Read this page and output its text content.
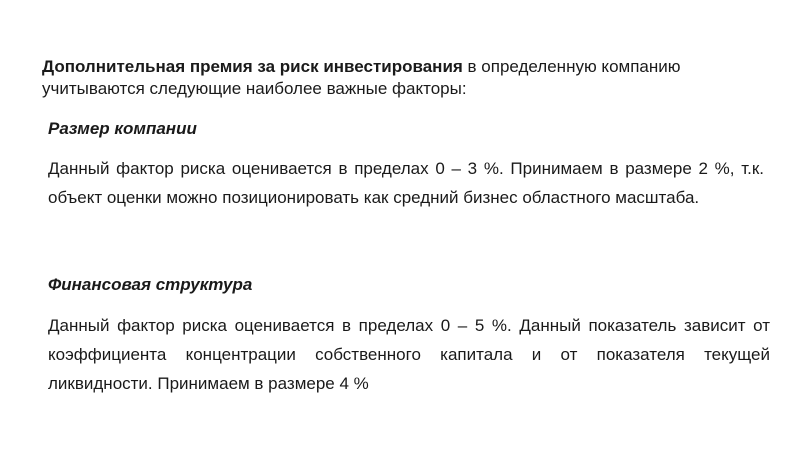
Дополнительная премия за риск инвестирования в определенную компанию учитываются следующие наиболее важные факторы:
Размер компании
Данный фактор риска оценивается в пределах 0 – 3 %. Принимаем в размере 2 %, т.к. объект оценки можно позиционировать как средний бизнес областного масштаба.
Финансовая структура
Данный фактор риска оценивается в пределах 0 – 5 %. Данный показатель зависит от коэффициента концентрации собственного капитала и от показателя текущей ликвидности. Принимаем в размере 4 %
